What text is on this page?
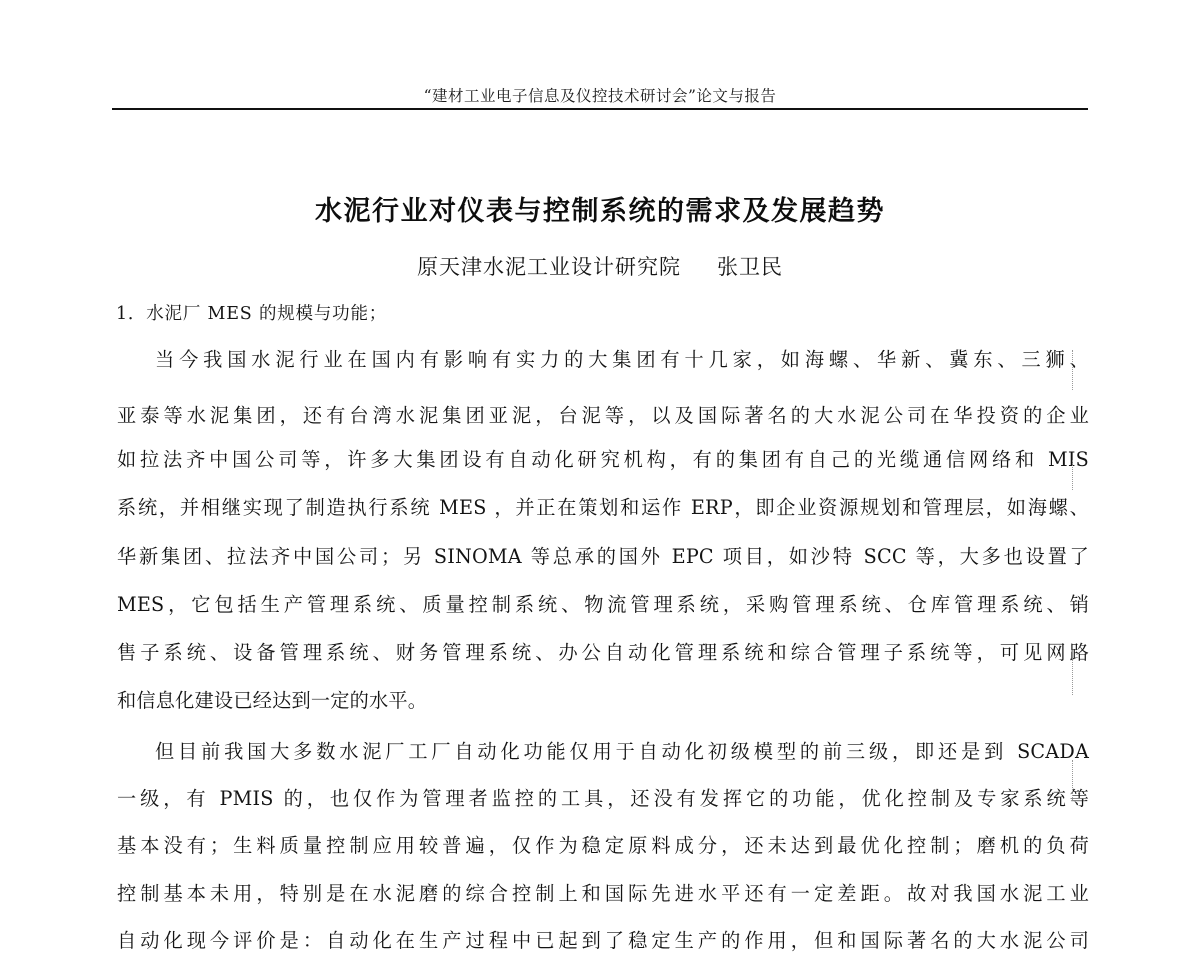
“建材工业电子信息及仪控技术研讨会”论文与报告
水泥行业对仪表与控制系统的需求及发展趋势
原天津水泥工业设计研究院 张卫民
1．水泥厂 MES 的规模与功能；
当今我国水泥行业在国内有影响有实力的大集团有十几家，如海螺、华新、冀东、三狮、
亚泰等水泥集团，还有台湾水泥集团亚泥，台泥等，以及国际著名的大水泥公司在华投资的企业
如拉法齐中国公司等，许多大集团设有自动化研究机构，有的集团有自己的光缆通信网络和 MIS
系统，并相继实现了制造执行系统 MES ，并正在策划和运作 ERP，即企业资源规划和管理层，如海螺、
华新集团、拉法齐中国公司；另 SINOMA 等总承的国外 EPC 项目，如沙特 SCC 等，大多也设置了
MES，它包括生产管理系统、质量控制系统、物流管理系统，采购管理系统、仓库管理系统、销
售子系统、设备管理系统、财务管理系统、办公自动化管理系统和综合管理子系统等，可见网路
和信息化建设已经达到一定的水平。
但目前我国大多数水泥厂工厂自动化功能仅用于自动化初级模型的前三级，即还是到 SCADA
一级，有 PMIS 的，也仅作为管理者监控的工具，还没有发挥它的功能，优化控制及专家系统等
基本没有；生料质量控制应用较普遍，仅作为稳定原料成分，还未达到最优化控制；磨机的负荷
控制基本未用，特别是在水泥磨的综合控制上和国际先进水平还有一定差距。故对我国水泥工业
自动化现今评价是：自动化在生产过程中已起到了稳定生产的作用，但和国际著名的大水泥公司
